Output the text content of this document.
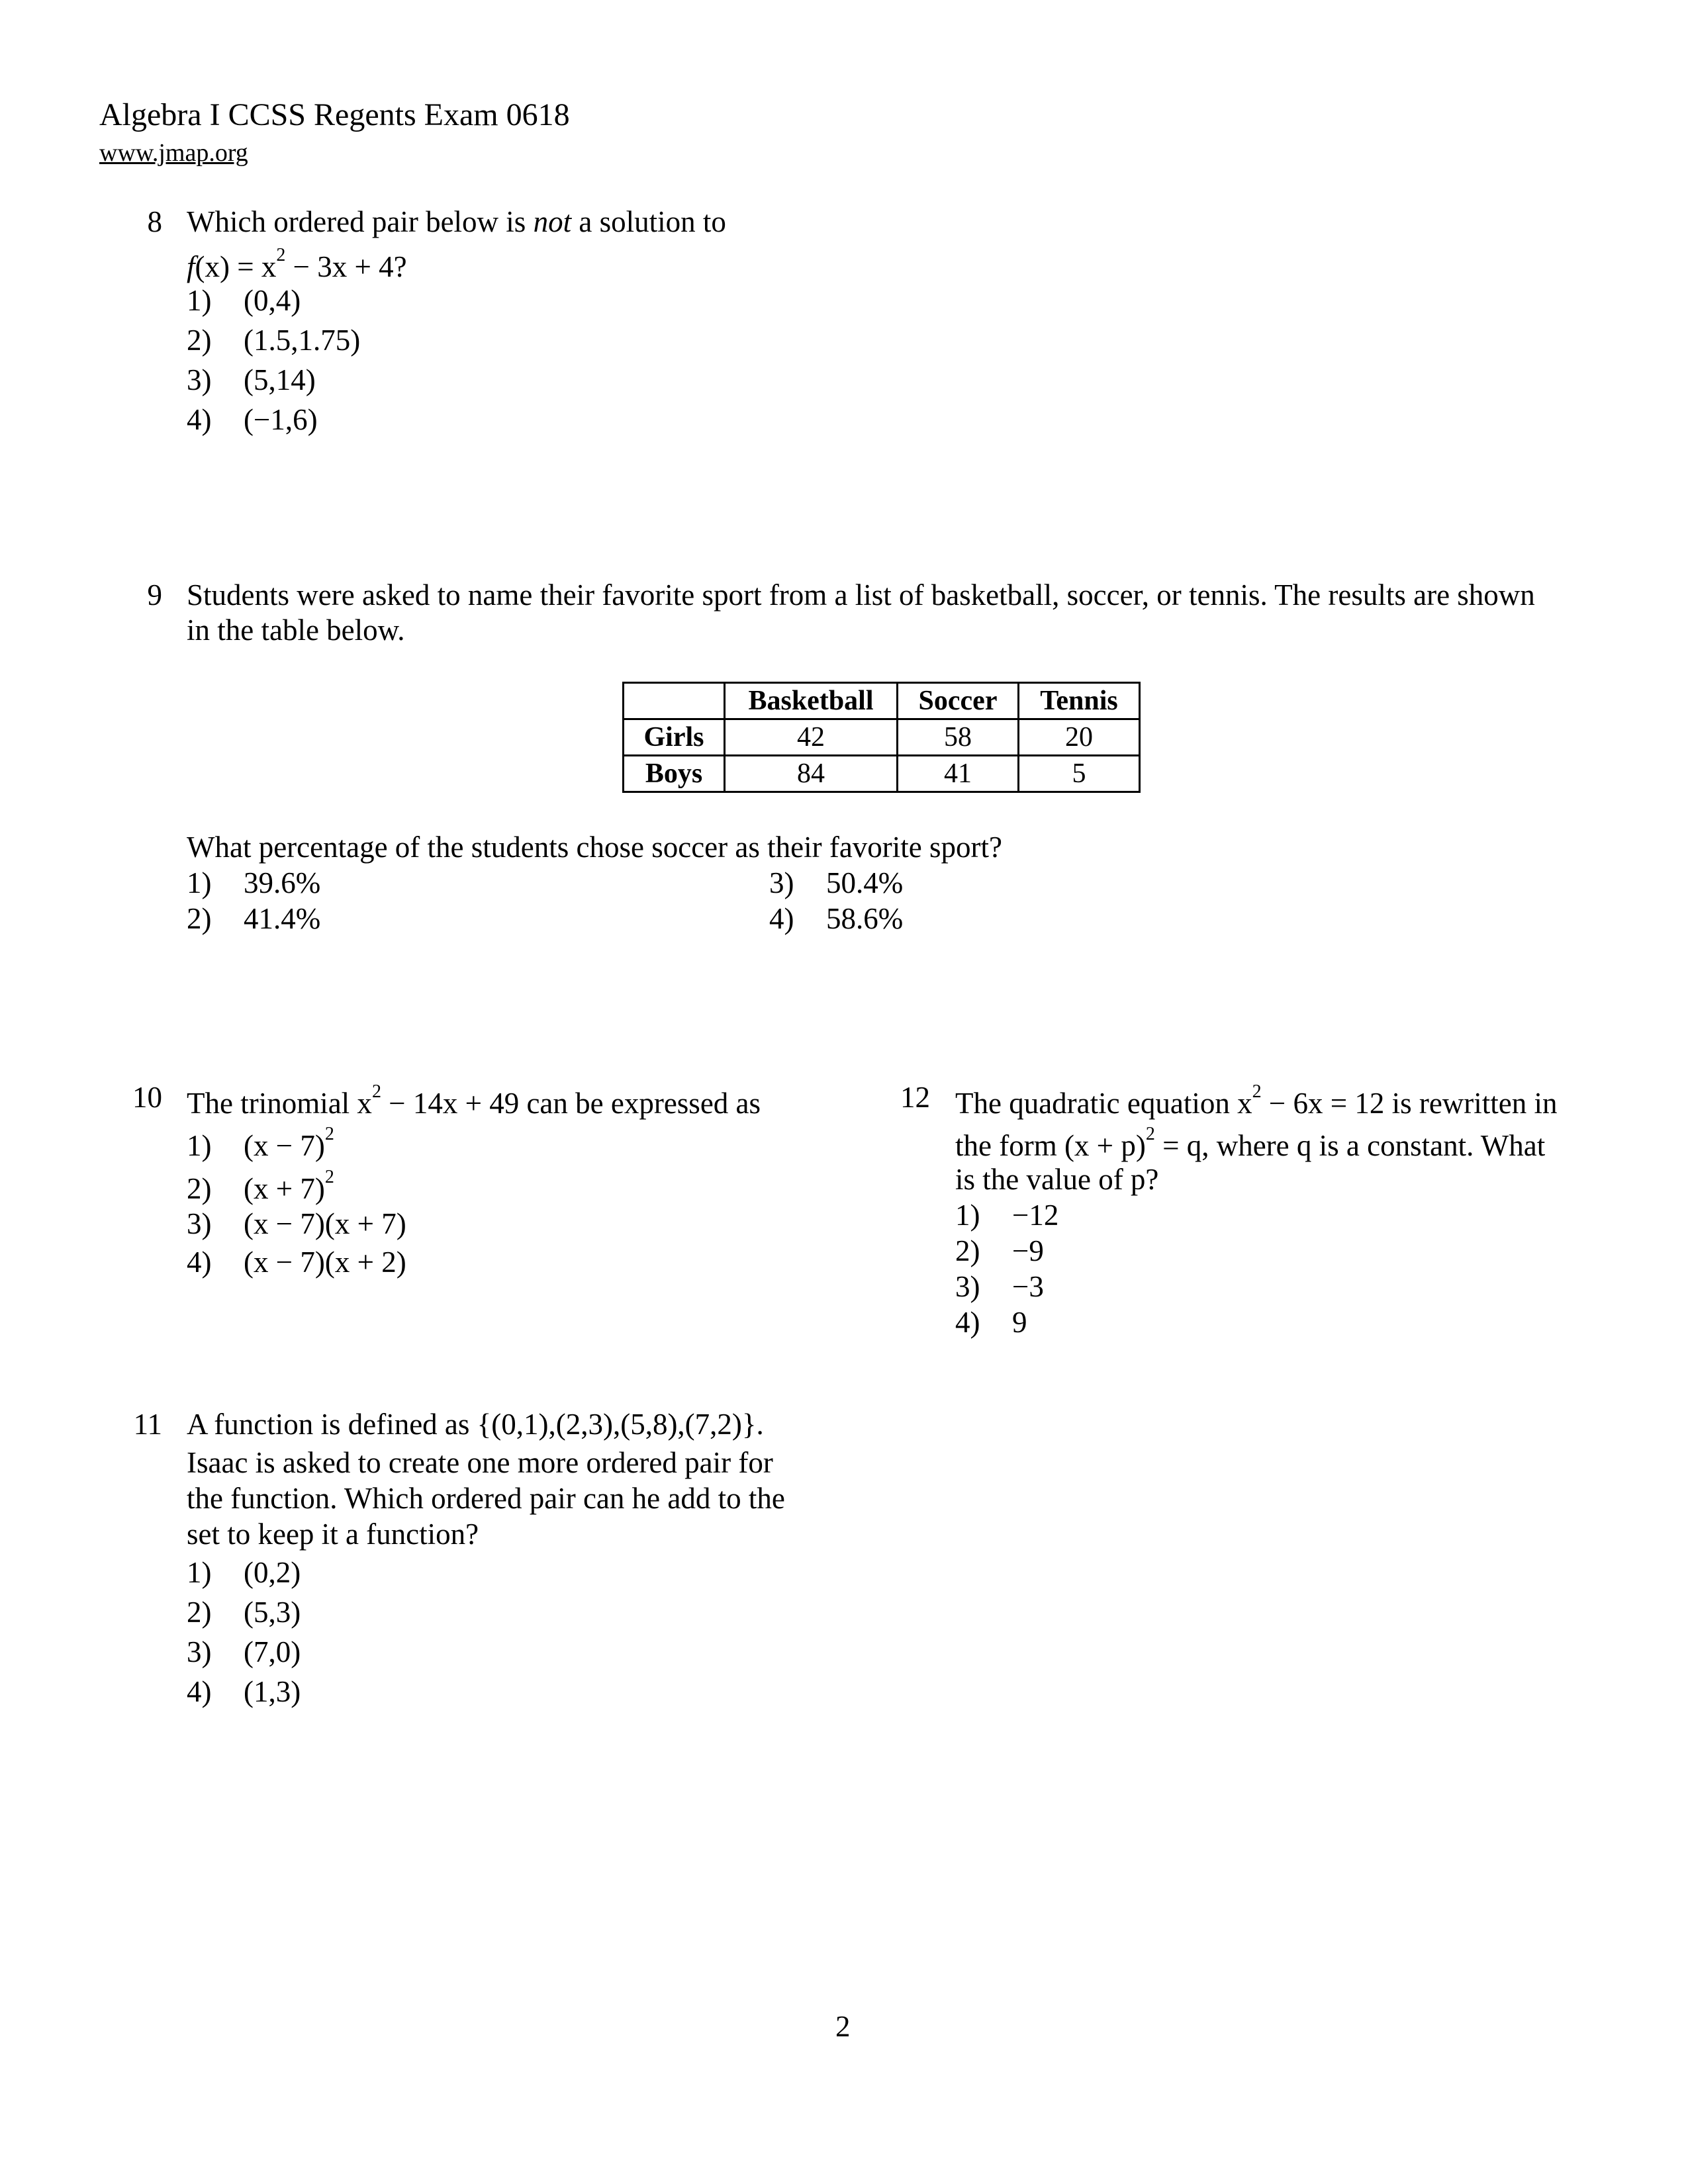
Algebra I CCSS Regents Exam 0618
www.jmap.org
8 Which ordered pair below is not a solution to
$f(x) = x^2 - 3x + 4$?
1) (0,4)
2) (1.5,1.75)
3) (5,14)
4) (−1,6)
9 Students were asked to name their favorite sport from a list of basketball, soccer, or tennis. The results are shown
in the table below.
	Basketball	Soccer	Tennis
Girls	42	58	20
Boys	84	41	5
What percentage of the students chose soccer as their favorite sport?
1) 39.6%
2) 41.4%
3) 50.4%
4) 58.6%
10 The trinomial $x^2 - 14x + 49$ can be expressed as
1) $(x - 7)^2$
2) $(x + 7)^2$
3) (x − 7)(x + 7)
4) (x − 7)(x + 2)
11 A function is defined as {(0,1),(2,3),(5,8),(7,2)}.
Isaac is asked to create one more ordered pair for
the function. Which ordered pair can he add to the
set to keep it a function?
1) (0,2)
2) (5,3)
3) (7,0)
4) (1,3)
12 The quadratic equation $x^2 - 6x = 12$ is rewritten in
the form $(x + p)^2 = q$, where q is a constant. What
is the value of p?
1) −12
2) −9
3) −3
4) 9
2
